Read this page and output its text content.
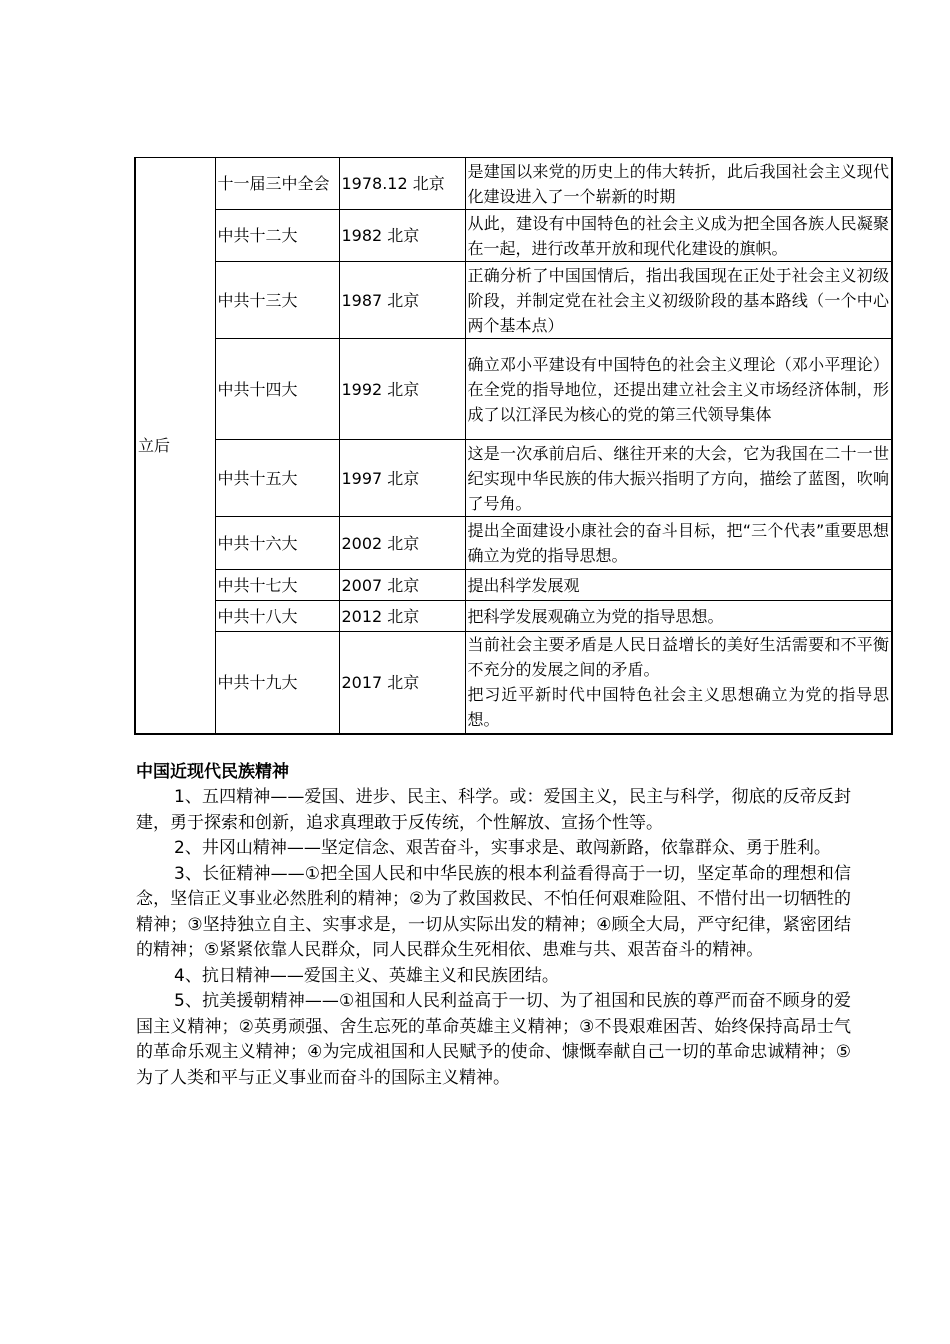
立后	十一届三中全会	1978.12 北京	是建国以来党的历史上的伟大转折，此后我国社会主义现代化建设进入了一个崭新的时期

	中共十二大	1982 北京	从此，建设有中国特色的社会主义成为把全国各族人民凝聚在一起，进行改革开放和现代化建设的旗帜。

	中共十三大	1987 北京	正确分析了中国国情后，指出我国现在正处于社会主义初级阶段，并制定党在社会主义初级阶段的基本路线（一个中心两个基本点）

	中共十四大	1992 北京	确立邓小平建设有中国特色的社会主义理论（邓小平理论）在全党的指导地位，还提出建立社会主义市场经济体制，形成了以江泽民为核心的党的第三代领导集体

	中共十五大	1997 北京	这是一次承前启后、继往开来的大会，它为我国在二十一世纪实现中华民族的伟大振兴指明了方向，描绘了蓝图，吹响了号角。

	中共十六大	2002 北京	提出全面建设小康社会的奋斗目标，把“三个代表”重要思想确立为党的指导思想。

	中共十七大	2007 北京	提出科学发展观

	中共十八大	2012 北京	把科学发展观确立为党的指导思想。

	中共十九大	2017 北京	当前社会主要矛盾是人民日益增长的美好生活需要和不平衡不充分的发展之间的矛盾。
把习近平新时代中国特色社会主义思想确立为党的指导思想。
中国近现代民族精神

1、五四精神——爱国、进步、民主、科学。或：爱国主义，民主与科学，彻底的反帝反封建，勇于探索和创新，追求真理敢于反传统，个性解放、宣扬个性等。

2、井冈山精神——坚定信念、艰苦奋斗，实事求是、敢闯新路，依靠群众、勇于胜利。

3、长征精神——①把全国人民和中华民族的根本利益看得高于一切，坚定革命的理想和信念，坚信正义事业必然胜利的精神；②为了救国救民、不怕任何艰难险阻、不惜付出一切牺牲的精神；③坚持独立自主、实事求是，一切从实际出发的精神；④顾全大局，严守纪律，紧密团结的精神；⑤紧紧依靠人民群众，同人民群众生死相依、患难与共、艰苦奋斗的精神。

4、抗日精神——爱国主义、英雄主义和民族团结。

5、抗美援朝精神——①祖国和人民利益高于一切、为了祖国和民族的尊严而奋不顾身的爱国主义精神；②英勇顽强、舍生忘死的革命英雄主义精神；③不畏艰难困苦、始终保持高昂士气的革命乐观主义精神；④为完成祖国和人民赋予的使命、慷慨奉献自己一切的革命忠诚精神；⑤为了人类和平与正义事业而奋斗的国际主义精神。
